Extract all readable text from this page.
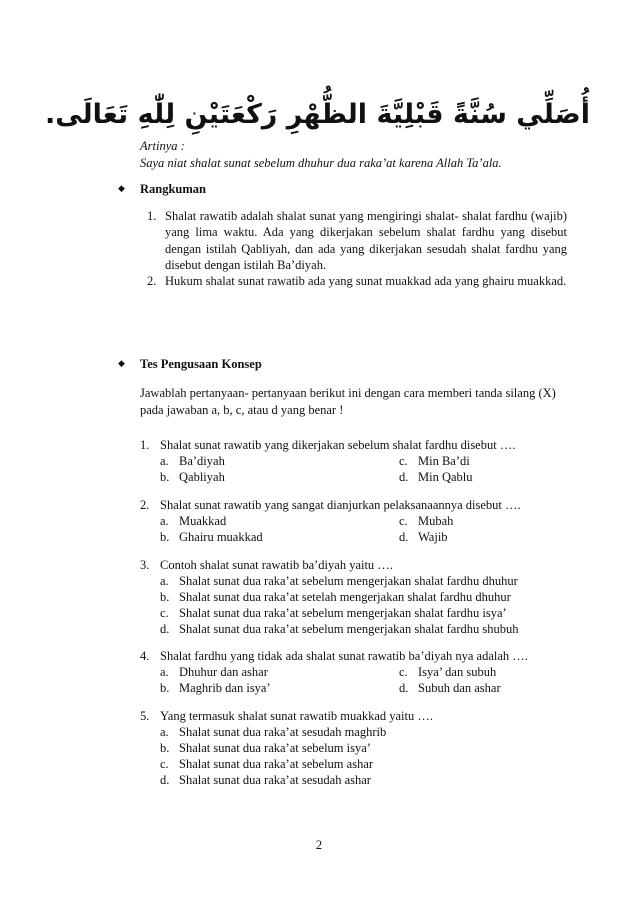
أُصَلِّي سُنَّةً قَبْلِيَّةَ الظُّهْرِ رَكْعَتَيْنِ لِلّٰهِ تَعَالَى.
Artinya :
Saya niat shalat sunat sebelum dhuhur dua raka’at karena Allah Ta’ala.
◆ Rangkuman
1. Shalat rawatib adalah shalat sunat yang mengiringi shalat- shalat fardhu (wajib) yang lima waktu. Ada yang dikerjakan sebelum shalat fardhu yang disebut dengan istilah Qabliyah, dan ada yang dikerjakan sesudah shalat fardhu yang disebut dengan istilah Ba’diyah.
2. Hukum shalat sunat rawatib ada yang sunat muakkad ada yang ghairu muakkad.
◆ Tes Pengusaan Konsep
Jawablah pertanyaan- pertanyaan berikut ini dengan cara memberi tanda silang (X) pada jawaban a, b, c, atau d yang benar !
1. Shalat sunat rawatib yang dikerjakan sebelum shalat fardhu disebut ….
a. Ba’diyah	c. Min Ba’di
b. Qabliyah	d. Min Qablu
2. Shalat sunat rawatib yang sangat dianjurkan pelaksanaannya disebut ….
a. Muakkad	c. Mubah
b. Ghairu muakkad	d. Wajib
3. Contoh shalat sunat rawatib ba’diyah yaitu ….
a. Shalat sunat dua raka’at sebelum mengerjakan shalat fardhu dhuhur
b. Shalat sunat dua raka’at setelah mengerjakan shalat fardhu dhuhur
c. Shalat sunat dua raka’at sebelum mengerjakan shalat fardhu isya’
d. Shalat sunat dua raka’at sebelum mengerjakan shalat fardhu shubuh
4. Shalat fardhu yang tidak ada shalat sunat rawatib ba’diyah nya adalah ….
a. Dhuhur dan ashar	c. Isya’ dan subuh
b. Maghrib dan isya’	d. Subuh dan ashar
5. Yang termasuk shalat sunat rawatib muakkad yaitu ….
a. Shalat sunat dua raka’at sesudah maghrib
b. Shalat sunat dua raka’at sebelum isya’
c. Shalat sunat dua raka’at sebelum ashar
d. Shalat sunat dua raka’at sesudah ashar
2
